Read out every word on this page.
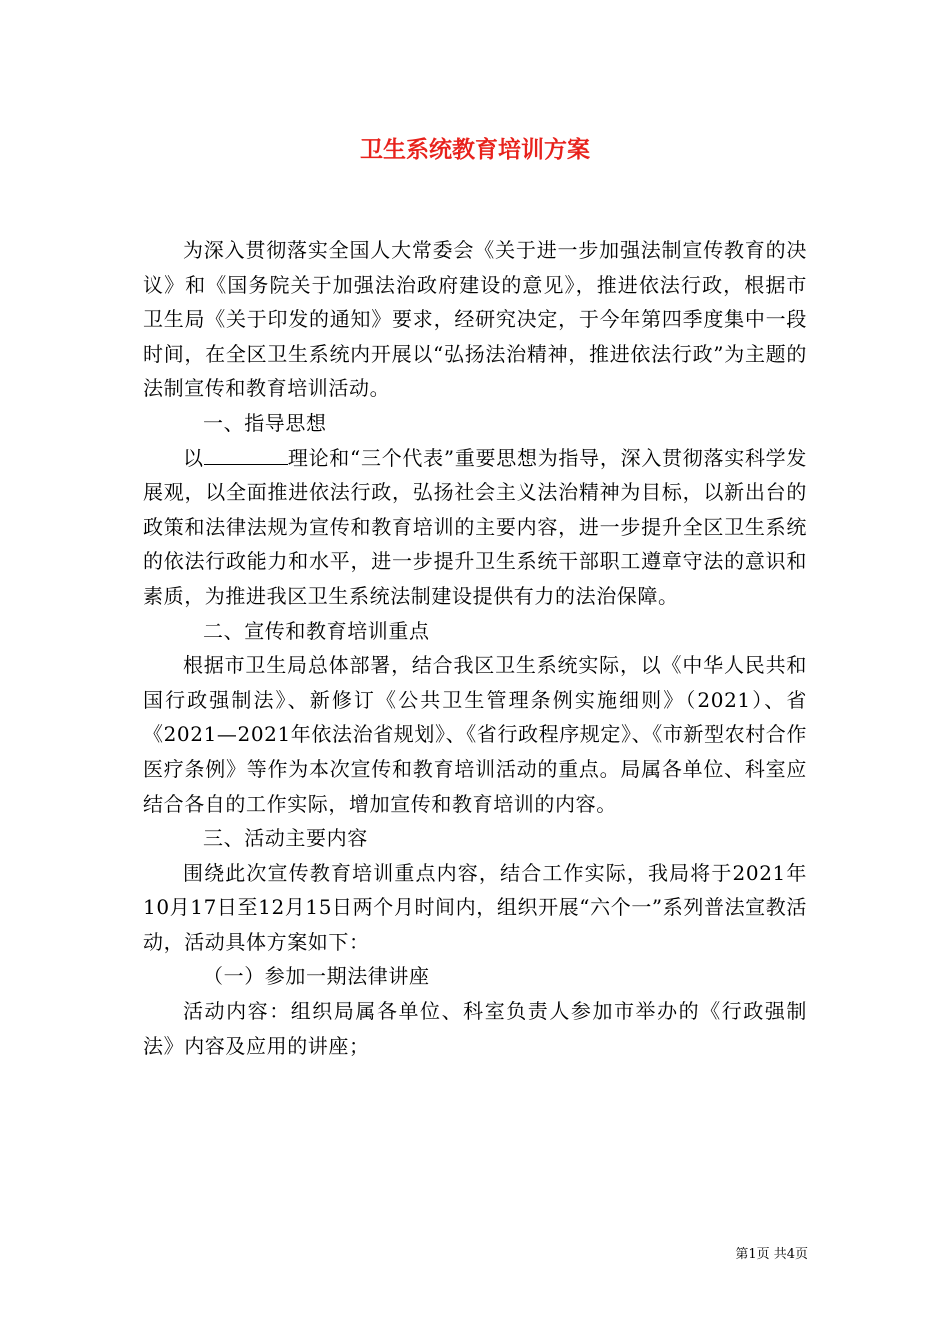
卫生系统教育培训方案

为深入贯彻落实全国人大常委会《关于进一步加强法制宣传教育的决议》和《国务院关于加强法治政府建设的意见》，推进依法行政，根据市卫生局《关于印发的通知》要求，经研究决定，于今年第四季度集中一段时间，在全区卫生系统内开展以“弘扬法治精神，推进依法行政”为主题的法制宣传和教育培训活动。

一、指导思想

以	理论和“三个代表”重要思想为指导，深入贯彻落实科学发展观，以全面推进依法行政，弘扬社会主义法治精神为目标，以新出台的政策和法律法规为宣传和教育培训的主要内容，进一步提升全区卫生系统的依法行政能力和水平，进一步提升卫生系统干部职工遵章守法的意识和素质，为推进我区卫生系统法制建设提供有力的法治保障。

二、宣传和教育培训重点

根据市卫生局总体部署，结合我区卫生系统实际，以《中华人民共和国行政强制法》、新修订《公共卫生管理条例实施细则》（2021）、省《2021—2021年依法治省规划》、《省行政程序规定》、《市新型农村合作医疗条例》等作为本次宣传和教育培训活动的重点。局属各单位、科室应结合各自的工作实际，增加宣传和教育培训的内容。

三、活动主要内容

围绕此次宣传教育培训重点内容，结合工作实际，我局将于2021年10月17日至12月15日两个月时间内，组织开展“六个一”系列普法宣教活动，活动具体方案如下：

（一）参加一期法律讲座

活动内容：组织局属各单位、科室负责人参加市举办的《行政强制法》内容及应用的讲座；

第1页 共4页
